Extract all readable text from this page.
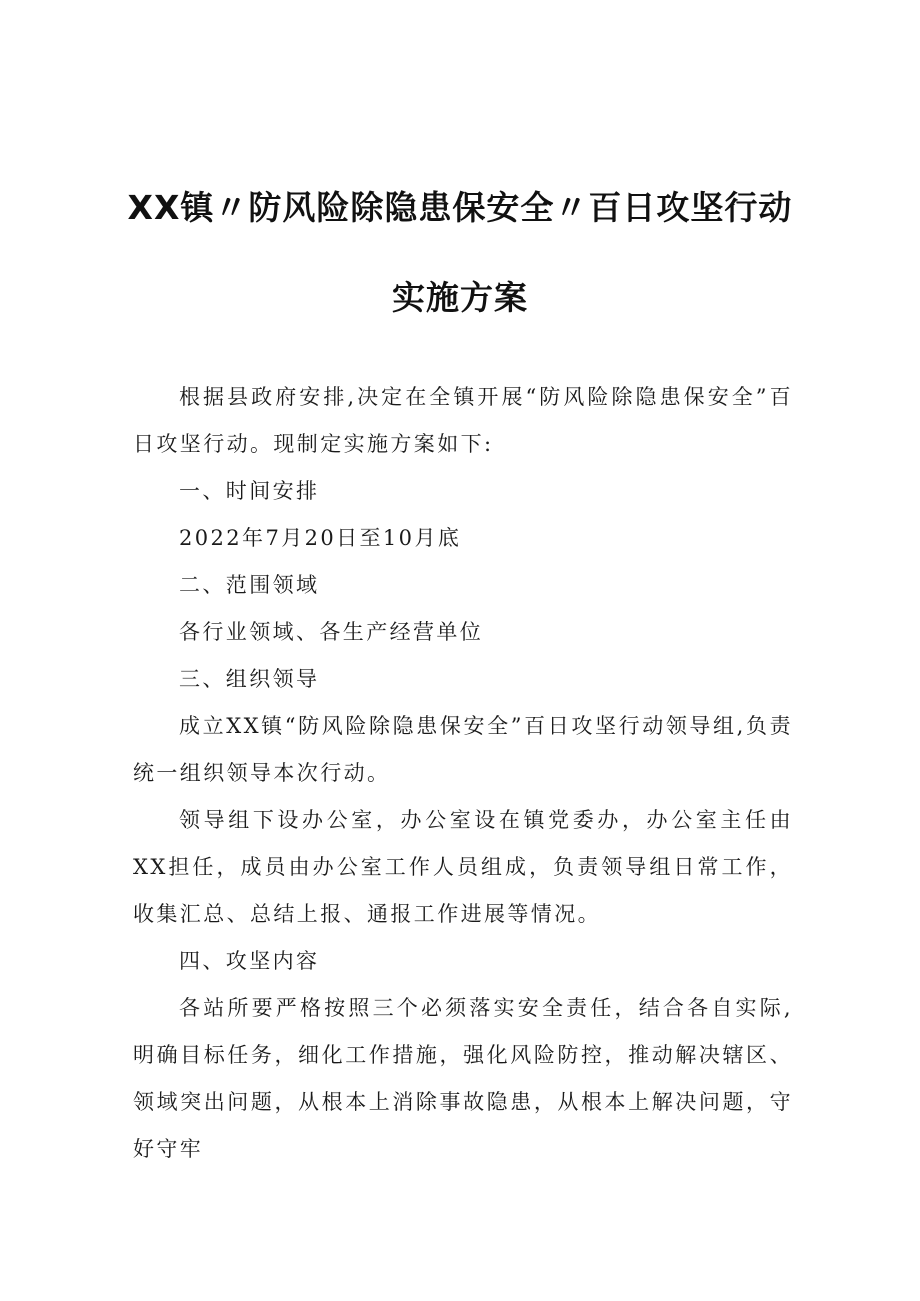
XX镇〃防风险除隐患保安全〃百日攻坚行动
实施方案

根据县政府安排,决定在全镇开展“防风险除隐患保安全”百日攻坚行动。现制定实施方案如下:

一、时间安排

2022年7月20日至10月底

二、范围领域

各行业领域、各生产经营单位

三、组织领导

成立XX镇“防风险除隐患保安全”百日攻坚行动领导组,负责统一组织领导本次行动。

领导组下设办公室，办公室设在镇党委办，办公室主任由XX担任，成员由办公室工作人员组成，负责领导组日常工作，收集汇总、总结上报、通报工作进展等情况。

四、攻坚内容

各站所要严格按照三个必须落实安全责任，结合各自实际,明确目标任务，细化工作措施，强化风险防控，推动解决辖区、领域突出问题，从根本上消除事故隐患，从根本上解决问题，守好守牢
